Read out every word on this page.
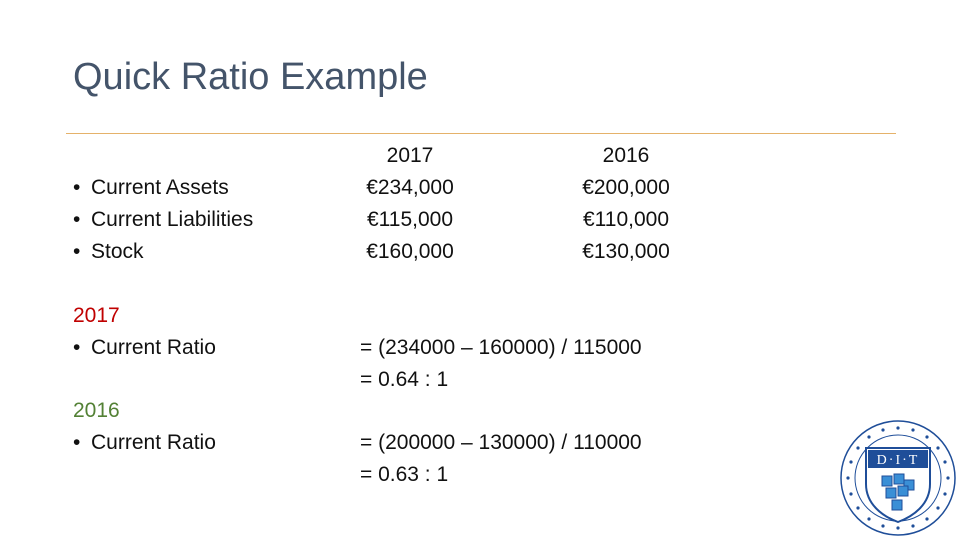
Quick Ratio Example
• Current Assets
• Current Liabilities
• Stock
2017
€234,000
€115,000
€160,000
2016
€200,000
€110,000
€130,000
2017
• Current Ratio	= (234000 – 160000) / 115000
= 0.64 : 1
2016
• Current Ratio	= (200000 – 130000) / 110000
= 0.63 : 1
D·I·T
